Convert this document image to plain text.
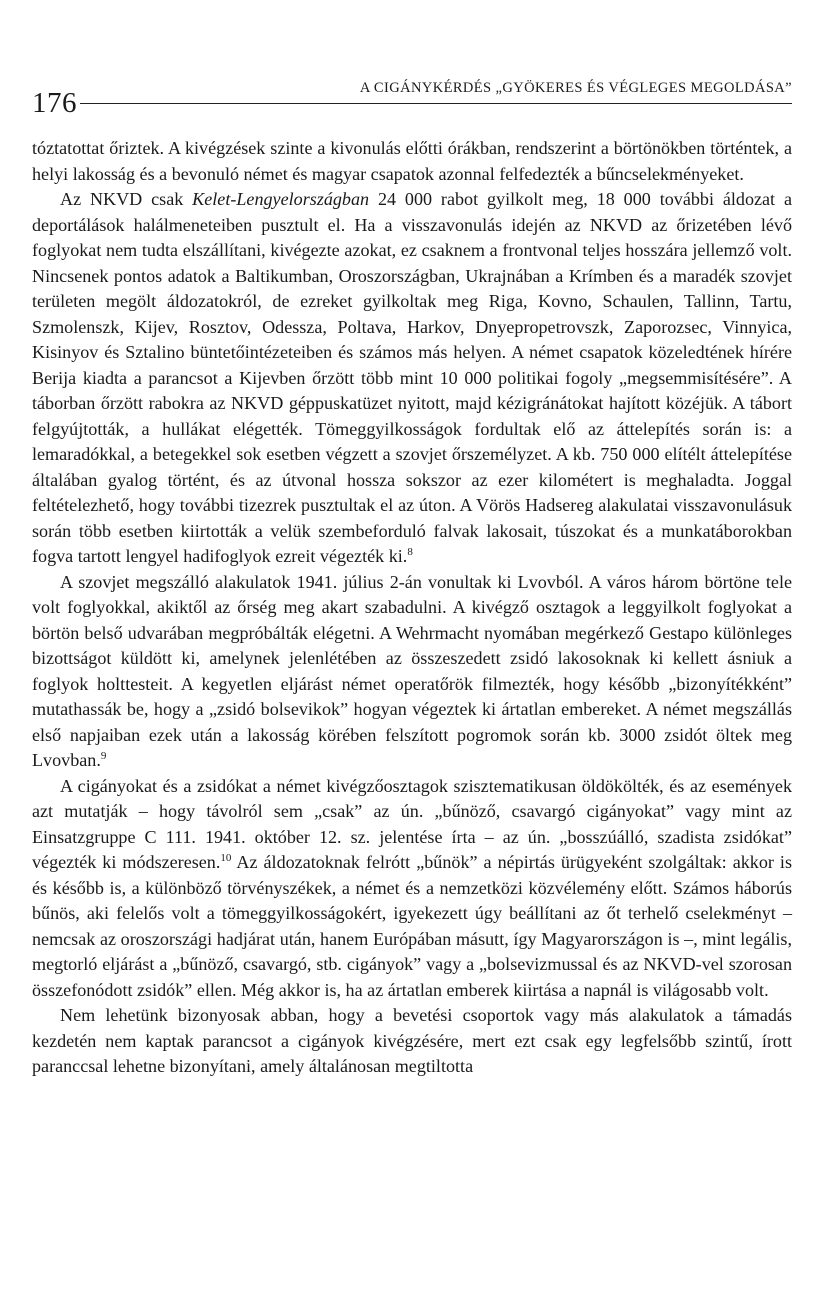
176	A CIGÁNYKÉRDÉS „GYÖKERES ÉS VÉGLEGES MEGOLDÁSA”

tóztatottat őriztek. A kivégzések szinte a kivonulás előtti órákban, rendszerint a börtönökben történtek, a helyi lakosság és a bevonuló német és magyar csapatok azonnal felfedezték a bűncselekményeket.

Az NKVD csak Kelet-Lengyelországban 24 000 rabot gyilkolt meg, 18 000 további áldozat a deportálások halálmeneteiben pusztult el. Ha a visszavonulás idején az NKVD az őrizetében lévő foglyokat nem tudta elszállítani, kivégezte azokat, ez csaknem a frontvonal teljes hosszára jellemző volt. Nincsenek pontos adatok a Baltikumban, Oroszországban, Ukrajnában a Krímben és a maradék szovjet területen megölt áldozatokról, de ezreket gyilkoltak meg Riga, Kovno, Schaulen, Tallinn, Tartu, Szmolenszk, Kijev, Rosztov, Odessza, Poltava, Harkov, Dnyepropetrovszk, Zaporozsec, Vinnyica, Kisinyov és Sztalino büntetőintézeteiben és számos más helyen. A német csapatok közeledtének hírére Berija kiadta a parancsot a Kijevben őrzött több mint 10 000 politikai fogoly „megsemmisítésére”. A táborban őrzött rabokra az NKVD géppuskatüzet nyitott, majd kézigránátokat hajított közéjük. A tábort felgyújtották, a hullákat elégették. Tömeggyilkosságok fordultak elő az áttelepítés során is: a lemaradókkal, a betegekkel sok esetben végzett a szovjet őrszemélyzet. A kb. 750 000 elítélt áttelepítése általában gyalog történt, és az útvonal hossza sokszor az ezer kilométert is meghaladta. Joggal feltételezhető, hogy további tizezrek pusztultak el az úton. A Vörös Hadsereg alakulatai visszavonulásuk során több esetben kiirtották a velük szembeforduló falvak lakosait, túszokat és a munkatáborokban fogva tartott lengyel hadifoglyok ezreit végezték ki.$^8$

A szovjet megszálló alakulatok 1941. július 2-án vonultak ki Lvovból. A város három börtöne tele volt foglyokkal, akiktől az őrség meg akart szabadulni. A kivégző osztagok a leggyilkolt foglyokat a börtön belső udvarában megpróbálták elégetni. A Wehrmacht nyomában megérkező Gestapo különleges bizottságot küldött ki, amelynek jelenlétében az összeszedett zsidó lakosoknak ki kellett ásniuk a foglyok holttesteit. A kegyetlen eljárást német operatőrök filmezték, hogy később „bizonyítékként” mutathassák be, hogy a „zsidó bolsevikok” hogyan végeztek ki ártatlan embereket. A német megszállás első napjaiban ezek után a lakosság körében felszított pogromok során kb. 3000 zsidót öltek meg Lvovban.$^9$

A cigányokat és a zsidókat a német kivégzőosztagok szisztematikusan öldökölték, és az események azt mutatják – hogy távolról sem „csak” az ún. „bűnöző, csavargó cigányokat” vagy mint az Einsatzgruppe C 111. 1941. október 12. sz. jelentése írta – az ún. „bosszúálló, szadista zsidókat” végezték ki módszeresen.$^{10}$ Az áldozatoknak felrótt „bűnök” a népirtás ürügyeként szolgáltak: akkor is és később is, a különböző törvényszékek, a német és a nemzetközi közvélemény előtt. Számos háborús bűnös, aki felelős volt a tömeggyilkosságokért, igyekezett úgy beállítani az őt terhelő cselekményt – nemcsak az oroszországi hadjárat után, hanem Európában másutt, így Magyarországon is –, mint legális, megtorló eljárást a „bűnöző, csavargó, stb. cigányok” vagy a „bolsevizmussal és az NKVD-vel szorosan összefonódott zsidók” ellen. Még akkor is, ha az ártatlan emberek kiirtása a napnál is világosabb volt.

Nem lehetünk bizonyosak abban, hogy a bevetési csoportok vagy más alakulatok a támadás kezdetén nem kaptak parancsot a cigányok kivégzésére, mert ezt csak egy legfelsőbb szintű, írott paranccsal lehetne bizonyítani, amely általánosan megtiltotta
